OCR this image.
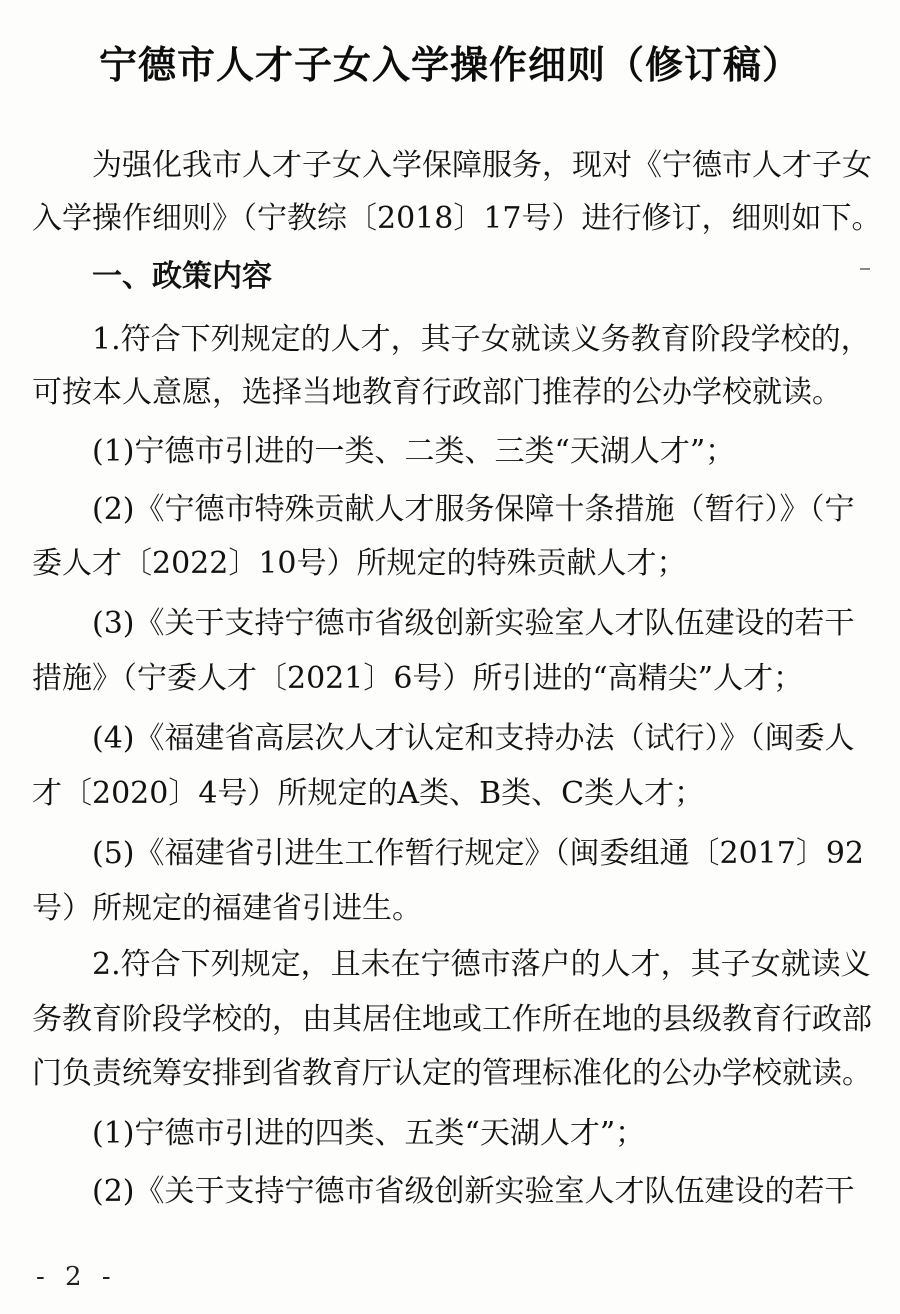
宁德市人才子女入学操作细则（修订稿）
为强化我市人才子女入学保障服务，现对《宁德市人才子女
入学操作细则》（宁教综〔2018〕17号）进行修订，细则如下。
一、政策内容
1.符合下列规定的人才，其子女就读义务教育阶段学校的，
可按本人意愿，选择当地教育行政部门推荐的公办学校就读。
(1)宁德市引进的一类、二类、三类“天湖人才”；
(2)《宁德市特殊贡献人才服务保障十条措施（暂行）》（宁
委人才〔2022〕10号）所规定的特殊贡献人才；
(3)《关于支持宁德市省级创新实验室人才队伍建设的若干
措施》（宁委人才〔2021〕6号）所引进的“高精尖”人才；
(4)《福建省高层次人才认定和支持办法（试行）》（闽委人
才〔2020〕4号）所规定的A类、B类、C类人才；
(5)《福建省引进生工作暂行规定》（闽委组通〔2017〕92
号）所规定的福建省引进生。
2.符合下列规定，且未在宁德市落户的人才，其子女就读义
务教育阶段学校的，由其居住地或工作所在地的县级教育行政部
门负责统筹安排到省教育厅认定的管理标准化的公办学校就读。
(1)宁德市引进的四类、五类“天湖人才”；
(2)《关于支持宁德市省级创新实验室人才队伍建设的若干
- 2 -
